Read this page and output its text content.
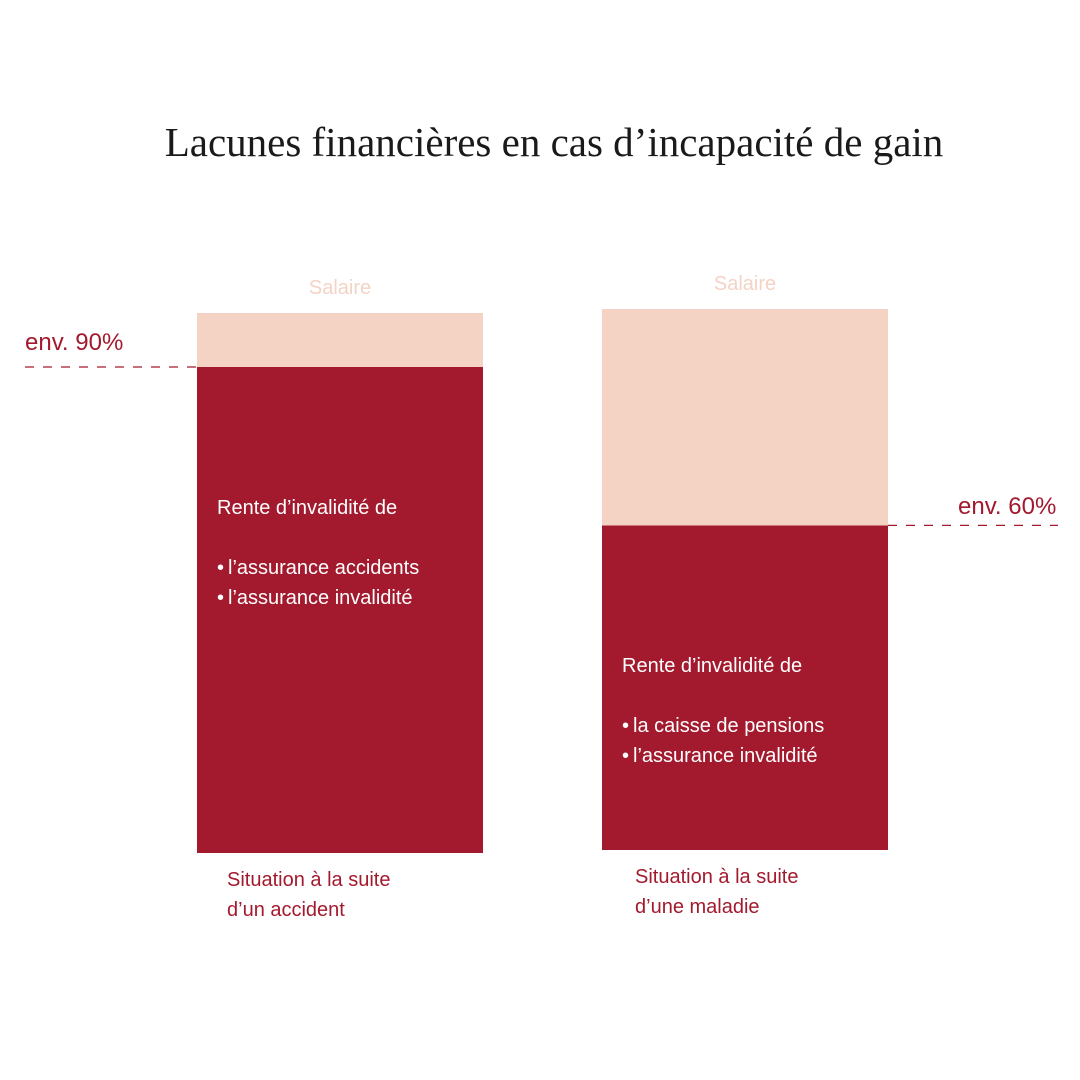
Lacunes financières en cas d’incapacité de gain
Salaire
env. 90%
Rente d’invalidité de
• l’assurance accidents
• l’assurance invalidité
Situation à la suite
d’un accident
Salaire
env. 60%
Rente d’invalidité de
• la caisse de pensions
• l’assurance invalidité
Situation à la suite
d’une maladie
